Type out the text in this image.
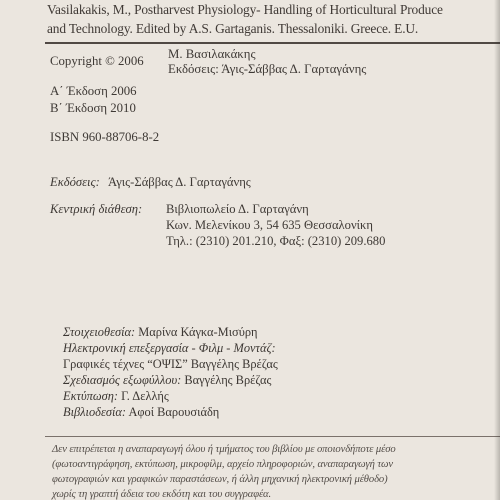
Vasilakakis, M., Postharvest Physiology- Handling of Horticultural Produce
and Technology. Edited by A.S. Gartaganis. Thessaloniki. Greece. E.U.
Copyright © 2006 Μ. Βασιλακάκης
Εκδόσεις: Άγις-Σάββας Δ. Γαρταγάνης
Α΄ Έκδοση 2006
Β΄ Έκδοση 2010
ISBN 960-88706-8-2
Εκδόσεις: Άγις-Σάββας Δ. Γαρταγάνης
Κεντρική διάθεση: Βιβλιοπωλείο Δ. Γαρταγάνη
Κων. Μελενίκου 3, 54 635 Θεσσαλονίκη
Τηλ.: (2310) 201.210, Φαξ: (2310) 209.680
Στοιχειοθεσία: Μαρίνα Κάγκα-Μισύρη
Ηλεκτρονική επεξεργασία - Φιλμ - Μοντάζ:
Γραφικές τέχνες “ΟΨΙΣ” Βαγγέλης Βρέζας
Σχεδιασμός εξωφύλλου: Βαγγέλης Βρέζας
Εκτύπωση: Γ. Δελλής
Βιβλιοδεσία: Αφοί Βαρουσιάδη
Δεν επιτρέπεται η αναπαραγωγή όλου ή τμήματος του βιβλίου με οποιονδήποτε μέσο
(φωτοαντιγράφηση, εκτύπωση, μικροφίλμ, αρχείο πληροφοριών, αναπαραγωγή των
φωτογραφιών και γραφικών παραστάσεων, ή άλλη μηχανική ηλεκτρονική μέθοδο)
χωρίς τη γραπτή άδεια του εκδότη και του συγγραφέα.
